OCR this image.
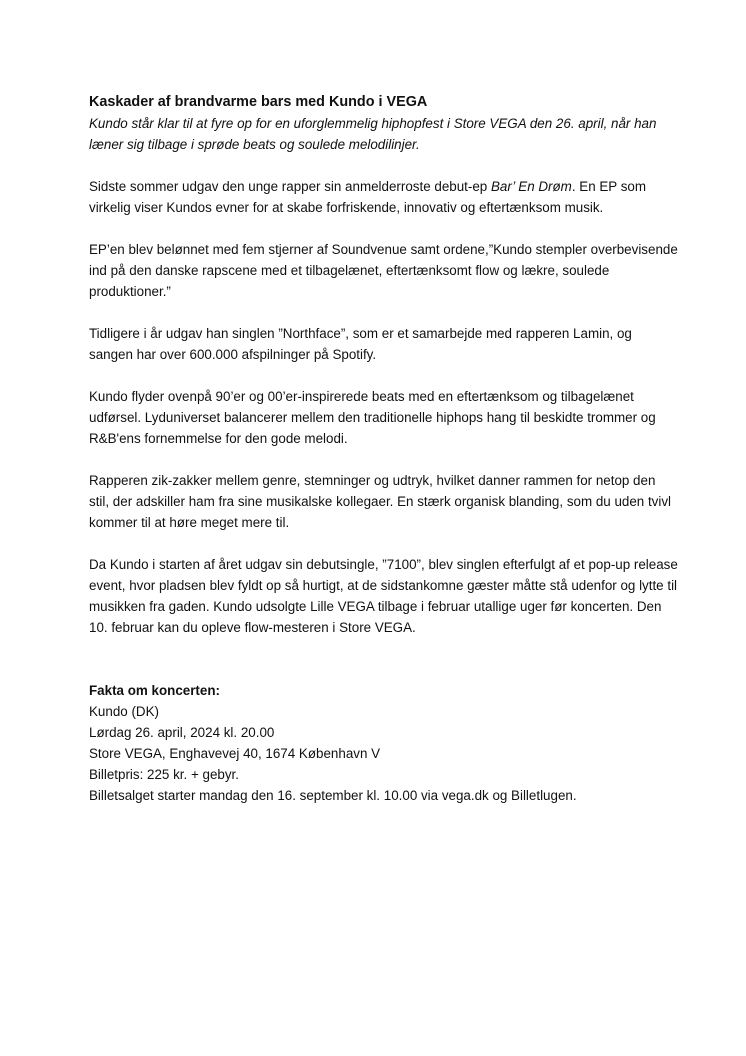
Kaskader af brandvarme bars med Kundo i VEGA

Kundo står klar til at fyre op for en uforglemmelig hiphopfest i Store VEGA den 26. april, når han læner sig tilbage i sprøde beats og soulede melodilinjer.

Sidste sommer udgav den unge rapper sin anmelderroste debut-ep Bar’ En Drøm. En EP som virkelig viser Kundos evner for at skabe forfriskende, innovativ og eftertænksom musik.

EP’en blev belønnet med fem stjerner af Soundvenue samt ordene,”Kundo stempler overbevisende ind på den danske rapscene med et tilbagelænet, eftertænksomt flow og lækre, soulede produktioner.”

Tidligere i år udgav han singlen ”Northface”, som er et samarbejde med rapperen Lamin, og sangen har over 600.000 afspilninger på Spotify.

Kundo flyder ovenpå 90’er og 00’er-inspirerede beats med en eftertænksom og tilbagelænet udførsel. Lyduniverset balancerer mellem den traditionelle hiphops hang til beskidte trommer og R&B'ens fornemmelse for den gode melodi.

Rapperen zik-zakker mellem genre, stemninger og udtryk, hvilket danner rammen for netop den stil, der adskiller ham fra sine musikalske kollegaer. En stærk organisk blanding, som du uden tvivl kommer til at høre meget mere til.

Da Kundo i starten af året udgav sin debutsingle, ”7100”, blev singlen efterfulgt af et pop-up release event, hvor pladsen blev fyldt op så hurtigt, at de sidstankomne gæster måtte stå udenfor og lytte til musikken fra gaden. Kundo udsolgte Lille VEGA tilbage i februar utallige uger før koncerten. Den 10. februar kan du opleve flow-mesteren i Store VEGA.

Fakta om koncerten:
Kundo (DK)
Lørdag 26. april, 2024 kl. 20.00
Store VEGA, Enghavevej 40, 1674 København V
Billetpris: 225 kr. + gebyr.
Billetsalget starter mandag den 16. september kl. 10.00 via vega.dk og Billetlugen.
